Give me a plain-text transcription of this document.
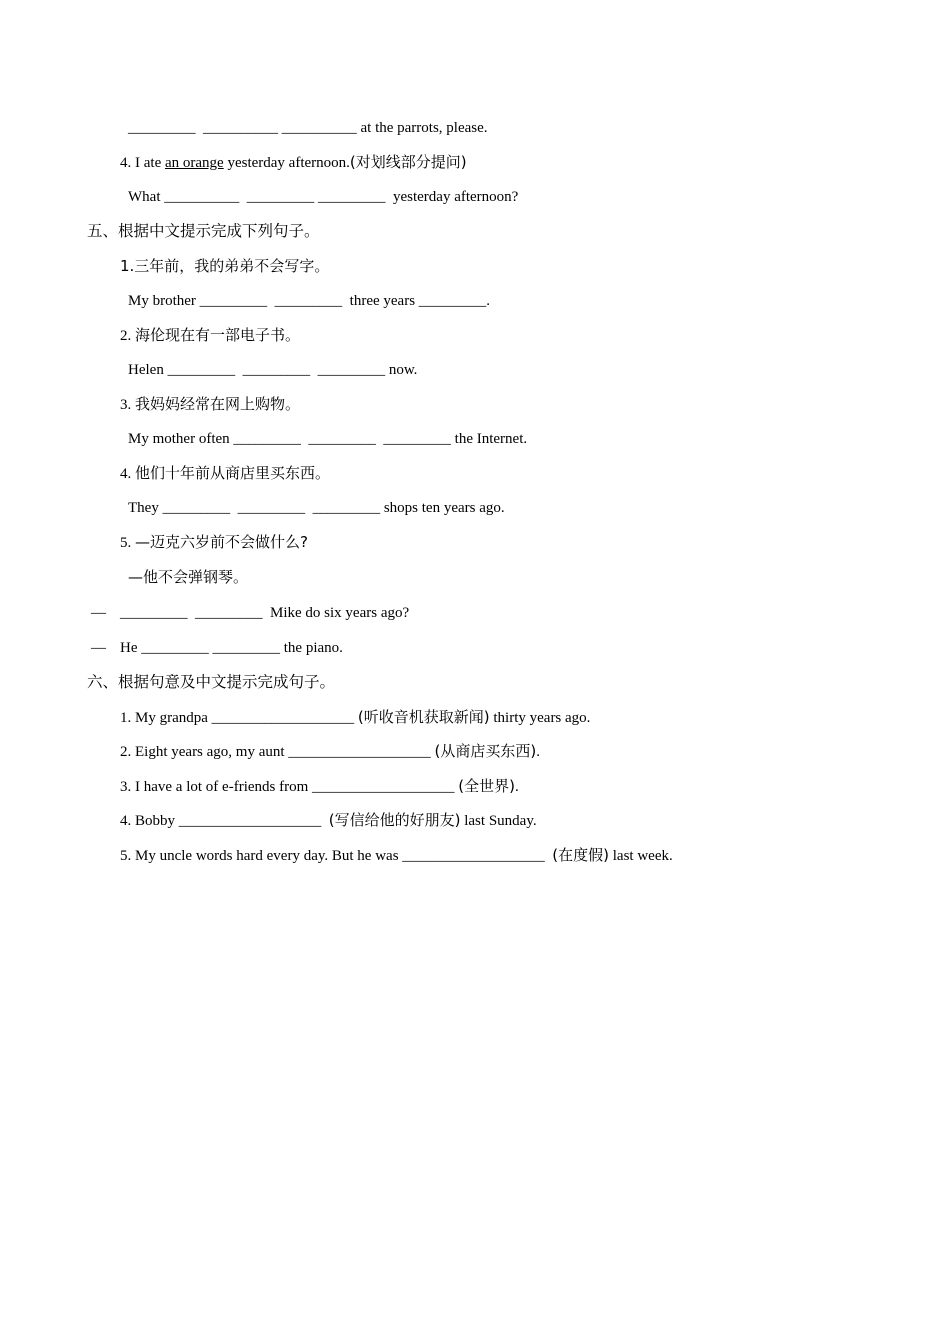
_________  __________ __________ at the parrots, please.
4. I ate an orange yesterday afternoon.(对划线部分提问)
What __________  _________ _________  yesterday afternoon?
五、根据中文提示完成下列句子。
1.三年前，我的弟弟不会写字。
My brother _________  _________  three years _________.
2. 海伦现在有一部电子书。
Helen _________  _________  _________ now.
3. 我妈妈经常在网上购物。
My mother often _________  _________  _________ the Internet.
4. 他们十年前从商店里买东西。
They _________  _________  _________ shops ten years ago.
5. —迈克六岁前不会做什么?
—他不会弹钢琴。
— _________  _________  Mike do six years ago?
— He _________ _________ the piano.
六、根据句意及中文提示完成句子。
1. My grandpa ___________________ (听收音机获取新闻) thirty years ago.
2. Eight years ago, my aunt ___________________ (从商店买东西).
3. I have a lot of e-friends from ___________________ (全世界).
4. Bobby ___________________  (写信给他的好朋友) last Sunday.
5. My uncle words hard every day. But he was ___________________  (在度假) last week.
